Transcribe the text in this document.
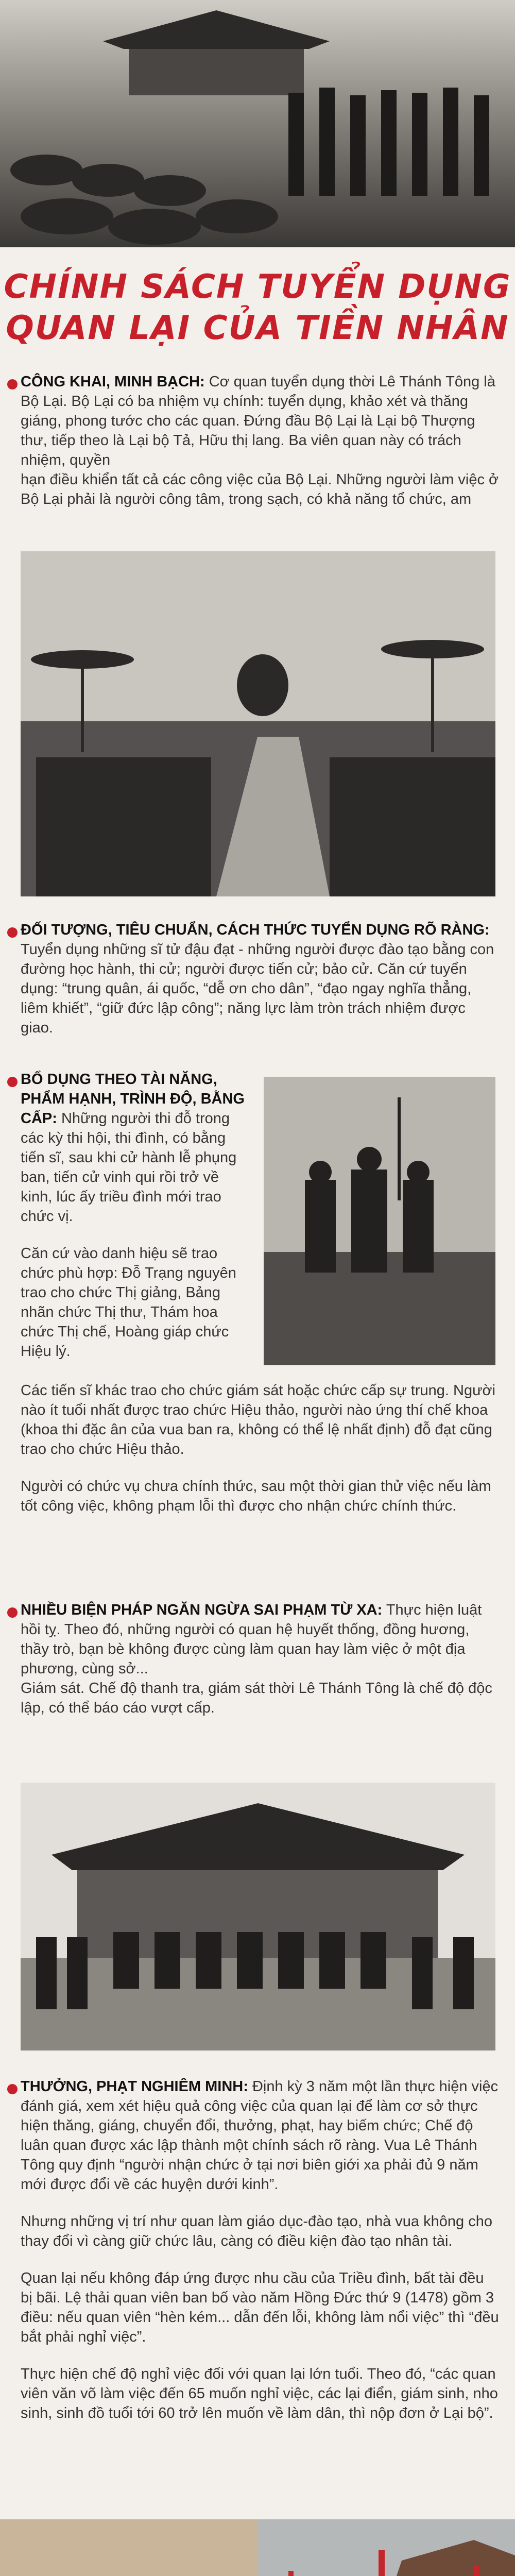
CHÍNH SÁCH TUYỂN DỤNG
QUAN LẠI CỦA TIỀN NHÂN

CÔNG KHAI, MINH BẠCH: Cơ quan tuyển dụng thời Lê Thánh Tông là Bộ Lại. Bộ Lại có ba nhiệm vụ chính: tuyển dụng, khảo xét và thăng giáng, phong tước cho các quan. Đứng đầu Bộ Lại là Lại bộ Thượng thư, tiếp theo là Lại bộ Tả, Hữu thị lang. Ba viên quan này có trách nhiệm, quyền

hạn điều khiển tất cả các công việc của Bộ Lại. Những người làm việc ở Bộ Lại phải là người công tâm, trong sạch, có khả năng tổ chức, am

ĐỐI TƯỢNG, TIÊU CHUẨN, CÁCH THỨC TUYỂN DỤNG RÕ RÀNG: Tuyển dụng những sĩ tử đậu đạt - những người được đào tạo bằng con đường học hành, thi cử; người được tiến cử; bảo cử. Căn cứ tuyển dụng: “trung quân, ái quốc, “dễ ơn cho dân”, “đạo ngay nghĩa thẳng, liêm khiết”, “giữ đức lập công”; năng lực làm tròn trách nhiệm được giao.

BỔ DỤNG THEO TÀI NĂNG, PHẨM HẠNH, TRÌNH ĐỘ, BẰNG CẤP: Những người thi đỗ trong các kỳ thi hội, thi đình, có bằng tiến sĩ, sau khi cử hành lễ phụng ban, tiến cử vinh qui rồi trở về kinh, lúc ấy triều đình mới trao chức vị.

Căn cứ vào danh hiệu sẽ trao chức phù hợp: Đỗ Trạng nguyên trao cho chức Thị giảng, Bảng nhãn chức Thị thư, Thám hoa chức Thị chế, Hoàng giáp chức Hiệu lý.

Các tiến sĩ khác trao cho chức giám sát hoặc chức cấp sự trung. Người nào ít tuổi nhất được trao chức Hiệu thảo, người nào ứng thí chế khoa (khoa thi đặc ân của vua ban ra, không có thể lệ nhất định) đỗ đạt cũng trao cho chức Hiệu thảo.

Người có chức vụ chưa chính thức, sau một thời gian thử việc nếu làm tốt công việc, không phạm lỗi thì được cho nhận chức chính thức.

NHIỀU BIỆN PHÁP NGĂN NGỪA SAI PHẠM TỪ XA: Thực hiện luật hồi tỵ. Theo đó, những người có quan hệ huyết thống, đồng hương, thầy trò, bạn bè không được cùng làm quan hay làm việc ở một địa phương, cùng sở...

Giám sát. Chế độ thanh tra, giám sát thời Lê Thánh Tông là chế độ độc lập, có thể báo cáo vượt cấp.

THƯỞNG, PHẠT NGHIÊM MINH: Định kỳ 3 năm một lần thực hiện việc đánh giá, xem xét hiệu quả công việc của quan lại để làm cơ sở thực hiện thăng, giáng, chuyển đổi, thưởng, phạt, hay biếm chức; Chế độ luân quan được xác lập thành một chính sách rõ ràng. Vua Lê Thánh Tông quy định “người nhận chức ở tại nơi biên giới xa phải đủ 9 năm mới được đổi về các huyện dưới kinh”.

Nhưng những vị trí như quan làm giáo dục-đào tạo, nhà vua không cho thay đổi vì càng giữ chức lâu, càng có điều kiện đào tạo nhân tài.

Quan lại nếu không đáp ứng được nhu cầu của Triều đình, bất tài đều bị bãi. Lệ thải quan viên ban bố vào năm Hồng Đức thứ 9 (1478) gồm 3 điều: nếu quan viên “hèn kém... dẫn đến lỗi, không làm nổi việc” thì “đều bắt phải nghỉ việc”.

Thực hiện chế độ nghỉ việc đối với quan lại lớn tuổi. Theo đó, “các quan viên văn võ làm việc đến 65 muốn nghỉ việc, các lại điển, giám sinh, nho sinh, sinh đồ tuổi tới 60 trở lên muốn về làm dân, thì nộp đơn ở Lại bộ”.
